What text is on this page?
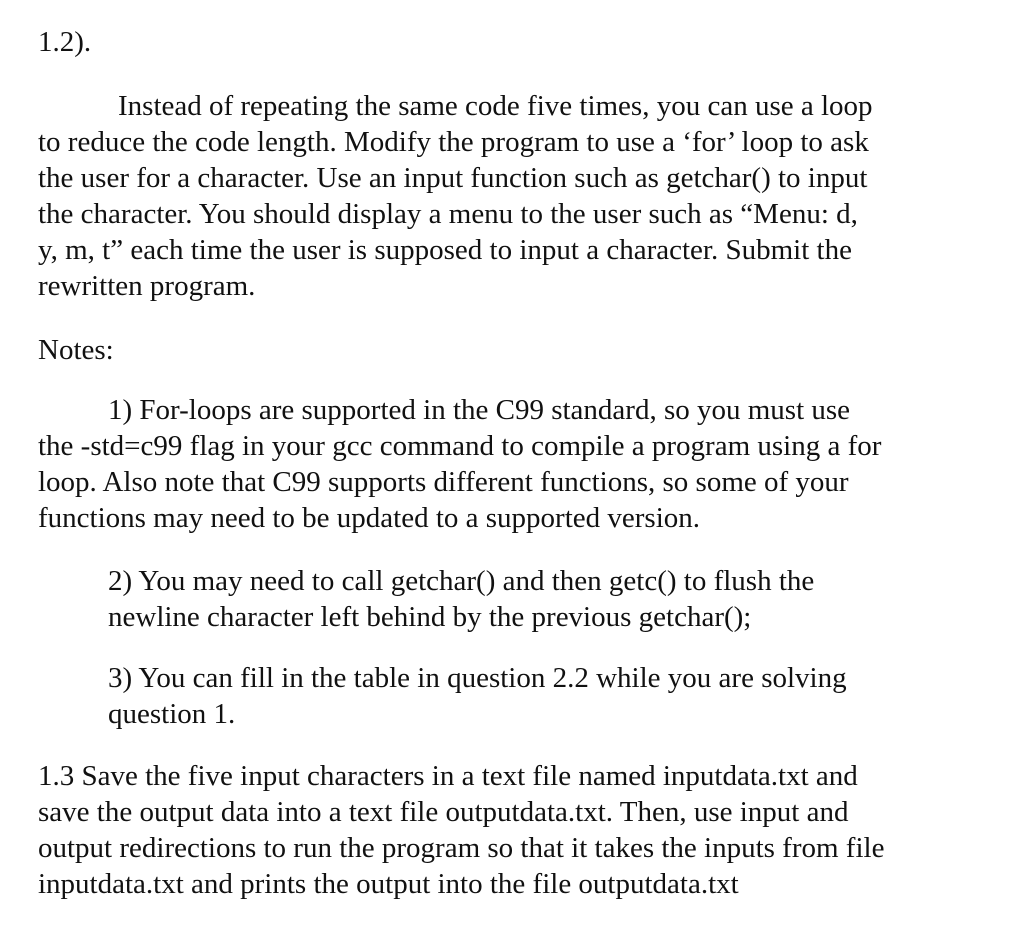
1.2).

Instead of repeating the same code five times, you can use a loop

to reduce the code length. Modify the program to use a ‘for’ loop to ask

the user for a character. Use an input function such as getchar() to input

the character. You should display a menu to the user such as “Menu: d,

y, m, t” each time the user is supposed to input a character. Submit the

rewritten program.

Notes:

1) For-loops are supported in the C99 standard, so you must use

the -std=c99 flag in your gcc command to compile a program using a for

loop. Also note that C99 supports different functions, so some of your

functions may need to be updated to a supported version.

2) You may need to call getchar() and then getc() to flush the

newline character left behind by the previous getchar();

3) You can fill in the table in question 2.2 while you are solving

question 1.

1.3 Save the five input characters in a text file named inputdata.txt and

save the output data into a text file outputdata.txt. Then, use input and

output redirections to run the program so that it takes the inputs from file

inputdata.txt and prints the output into the file outputdata.txt
